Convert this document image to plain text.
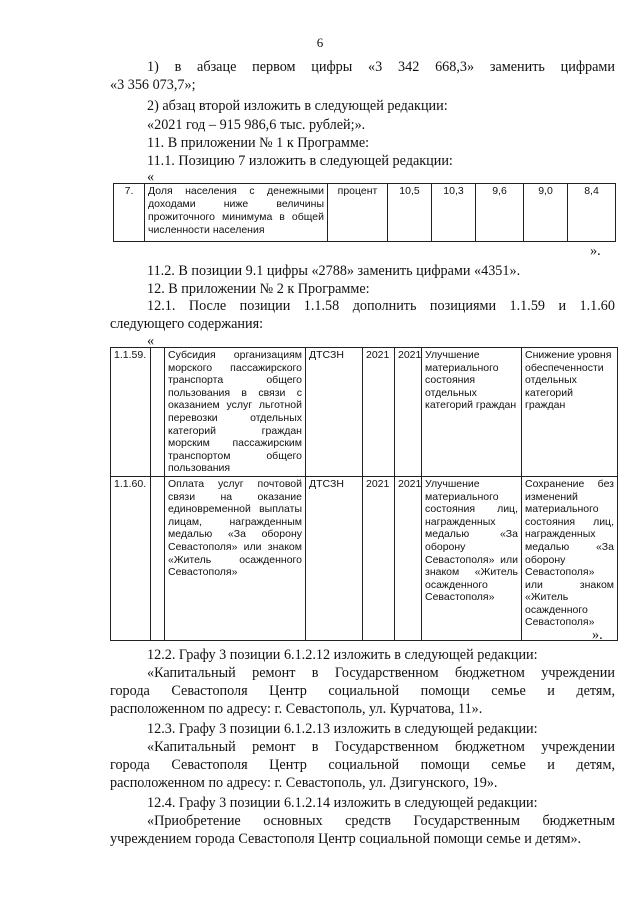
6
1) в абзаце первом цифры «3 342 668,3» заменить цифрами
«3 356 073,7»;
2) абзац второй изложить в следующей редакции:
«2021 год – 915 986,6 тыс. рублей;».
11. В приложении № 1 к Программе:
11.1. Позицию 7 изложить в следующей редакции:
«
7.	Доля населения с денежными доходами ниже величины прожиточного минимума в общей численности населения	процент	10,5	10,3	9,6	9,0	8,4
».
11.2. В позиции 9.1 цифры «2788» заменить цифрами «4351».
12. В приложении № 2 к Программе:
12.1. После позиции 1.1.58 дополнить позициями 1.1.59 и 1.1.60
следующего содержания:
«
1.1.59.		Субсидия организациям морского пассажирского транспорта общего пользования в связи с оказанием услуг льготной перевозки отдельных категорий граждан морским пассажирским транспортом общего пользования	ДТСЗН	2021	2021	Улучшение материального состояния отдельных категорий граждан	Снижение уровня обеспеченности отдельных категорий граждан
1.1.60.		Оплата услуг почтовой связи на оказание единовременной выплаты лицам, награжденным медалью «За оборону Севастополя» или знаком «Житель осажденного Севастополя»	ДТСЗН	2021	2021	Улучшение материального состояния лиц, награжденных медалью «За оборону Севастополя» или знаком «Житель осажденного Севастополя»	Сохранение без изменений материального состояния лиц, награжденных медалью «За оборону Севастополя» или знаком «Житель осажденного Севастополя»
».
12.2. Графу 3 позиции 6.1.2.12 изложить в следующей редакции:
«Капитальный ремонт в Государственном бюджетном учреждении
города Севастополя Центр социальной помощи семье и детям,
расположенном по адресу: г. Севастополь, ул. Курчатова, 11».
12.3. Графу 3 позиции 6.1.2.13 изложить в следующей редакции:
«Капитальный ремонт в Государственном бюджетном учреждении
города Севастополя Центр социальной помощи семье и детям,
расположенном по адресу: г. Севастополь, ул. Дзигунского, 19».
12.4. Графу 3 позиции 6.1.2.14 изложить в следующей редакции:
«Приобретение основных средств Государственным бюджетным
учреждением города Севастополя Центр социальной помощи семье и детям».
